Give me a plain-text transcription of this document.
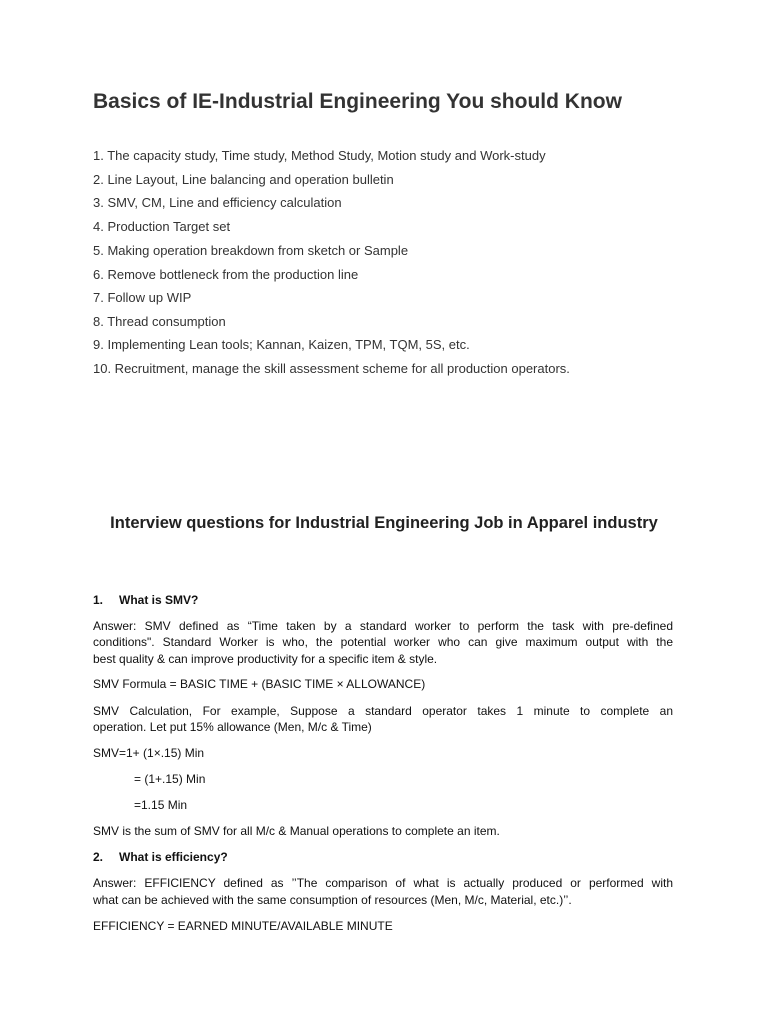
Basics of IE-Industrial Engineering You should Know
1. The capacity study, Time study, Method Study, Motion study and Work-study
2. Line Layout, Line balancing and operation bulletin
3. SMV, CM, Line and efficiency calculation
4. Production Target set
5. Making operation breakdown from sketch or Sample
6. Remove bottleneck from the production line
7. Follow up WIP
8. Thread consumption
9. Implementing Lean tools; Kannan, Kaizen, TPM, TQM, 5S, etc.
10. Recruitment, manage the skill assessment scheme for all production operators.
Interview questions for Industrial Engineering Job in Apparel industry
1. What is SMV?
Answer: SMV defined as “Time taken by a standard worker to perform the task with pre-defined
conditions". Standard Worker is who, the potential worker who can give maximum output with the
best quality & can improve productivity for a specific item & style.
SMV Formula = BASIC TIME + (BASIC TIME × ALLOWANCE)
SMV Calculation, For example, Suppose a standard operator takes 1 minute to complete an
operation. Let put 15% allowance (Men, M/c & Time)
SMV=1+ (1×.15) Min
= (1+.15) Min
=1.15 Min
SMV is the sum of SMV for all M/c & Manual operations to complete an item.
2. What is efficiency?
Answer: EFFICIENCY defined as ’’The comparison of what is actually produced or performed with
what can be achieved with the same consumption of resources (Men, M/c, Material, etc.)’’.
EFFICIENCY = EARNED MINUTE/AVAILABLE MINUTE
